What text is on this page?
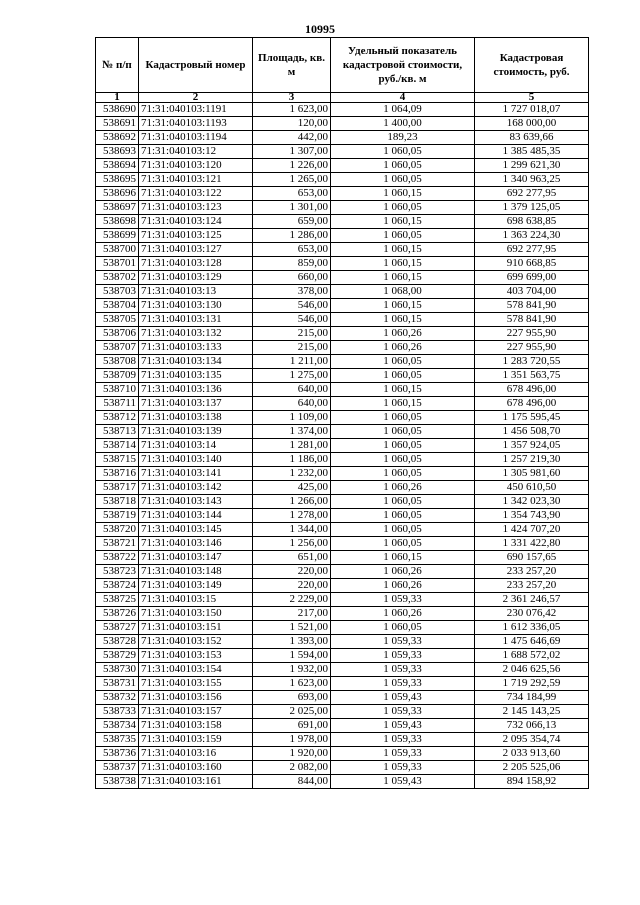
10995
№ п/п	Кадастровый номер	Площадь, кв. м	Удельный показатель кадастровой стоимости, руб./кв. м	Кадастровая стоимость, руб.
1	2	3	4	5
538690	71:31:040103:1191	1 623,00	1 064,09	1 727 018,07
538691	71:31:040103:1193	120,00	1 400,00	168 000,00
538692	71:31:040103:1194	442,00	189,23	83 639,66
538693	71:31:040103:12	1 307,00	1 060,05	1 385 485,35
538694	71:31:040103:120	1 226,00	1 060,05	1 299 621,30
538695	71:31:040103:121	1 265,00	1 060,05	1 340 963,25
538696	71:31:040103:122	653,00	1 060,15	692 277,95
538697	71:31:040103:123	1 301,00	1 060,05	1 379 125,05
538698	71:31:040103:124	659,00	1 060,15	698 638,85
538699	71:31:040103:125	1 286,00	1 060,05	1 363 224,30
538700	71:31:040103:127	653,00	1 060,15	692 277,95
538701	71:31:040103:128	859,00	1 060,15	910 668,85
538702	71:31:040103:129	660,00	1 060,15	699 699,00
538703	71:31:040103:13	378,00	1 068,00	403 704,00
538704	71:31:040103:130	546,00	1 060,15	578 841,90
538705	71:31:040103:131	546,00	1 060,15	578 841,90
538706	71:31:040103:132	215,00	1 060,26	227 955,90
538707	71:31:040103:133	215,00	1 060,26	227 955,90
538708	71:31:040103:134	1 211,00	1 060,05	1 283 720,55
538709	71:31:040103:135	1 275,00	1 060,05	1 351 563,75
538710	71:31:040103:136	640,00	1 060,15	678 496,00
538711	71:31:040103:137	640,00	1 060,15	678 496,00
538712	71:31:040103:138	1 109,00	1 060,05	1 175 595,45
538713	71:31:040103:139	1 374,00	1 060,05	1 456 508,70
538714	71:31:040103:14	1 281,00	1 060,05	1 357 924,05
538715	71:31:040103:140	1 186,00	1 060,05	1 257 219,30
538716	71:31:040103:141	1 232,00	1 060,05	1 305 981,60
538717	71:31:040103:142	425,00	1 060,26	450 610,50
538718	71:31:040103:143	1 266,00	1 060,05	1 342 023,30
538719	71:31:040103:144	1 278,00	1 060,05	1 354 743,90
538720	71:31:040103:145	1 344,00	1 060,05	1 424 707,20
538721	71:31:040103:146	1 256,00	1 060,05	1 331 422,80
538722	71:31:040103:147	651,00	1 060,15	690 157,65
538723	71:31:040103:148	220,00	1 060,26	233 257,20
538724	71:31:040103:149	220,00	1 060,26	233 257,20
538725	71:31:040103:15	2 229,00	1 059,33	2 361 246,57
538726	71:31:040103:150	217,00	1 060,26	230 076,42
538727	71:31:040103:151	1 521,00	1 060,05	1 612 336,05
538728	71:31:040103:152	1 393,00	1 059,33	1 475 646,69
538729	71:31:040103:153	1 594,00	1 059,33	1 688 572,02
538730	71:31:040103:154	1 932,00	1 059,33	2 046 625,56
538731	71:31:040103:155	1 623,00	1 059,33	1 719 292,59
538732	71:31:040103:156	693,00	1 059,43	734 184,99
538733	71:31:040103:157	2 025,00	1 059,33	2 145 143,25
538734	71:31:040103:158	691,00	1 059,43	732 066,13
538735	71:31:040103:159	1 978,00	1 059,33	2 095 354,74
538736	71:31:040103:16	1 920,00	1 059,33	2 033 913,60
538737	71:31:040103:160	2 082,00	1 059,33	2 205 525,06
538738	71:31:040103:161	844,00	1 059,43	894 158,92
